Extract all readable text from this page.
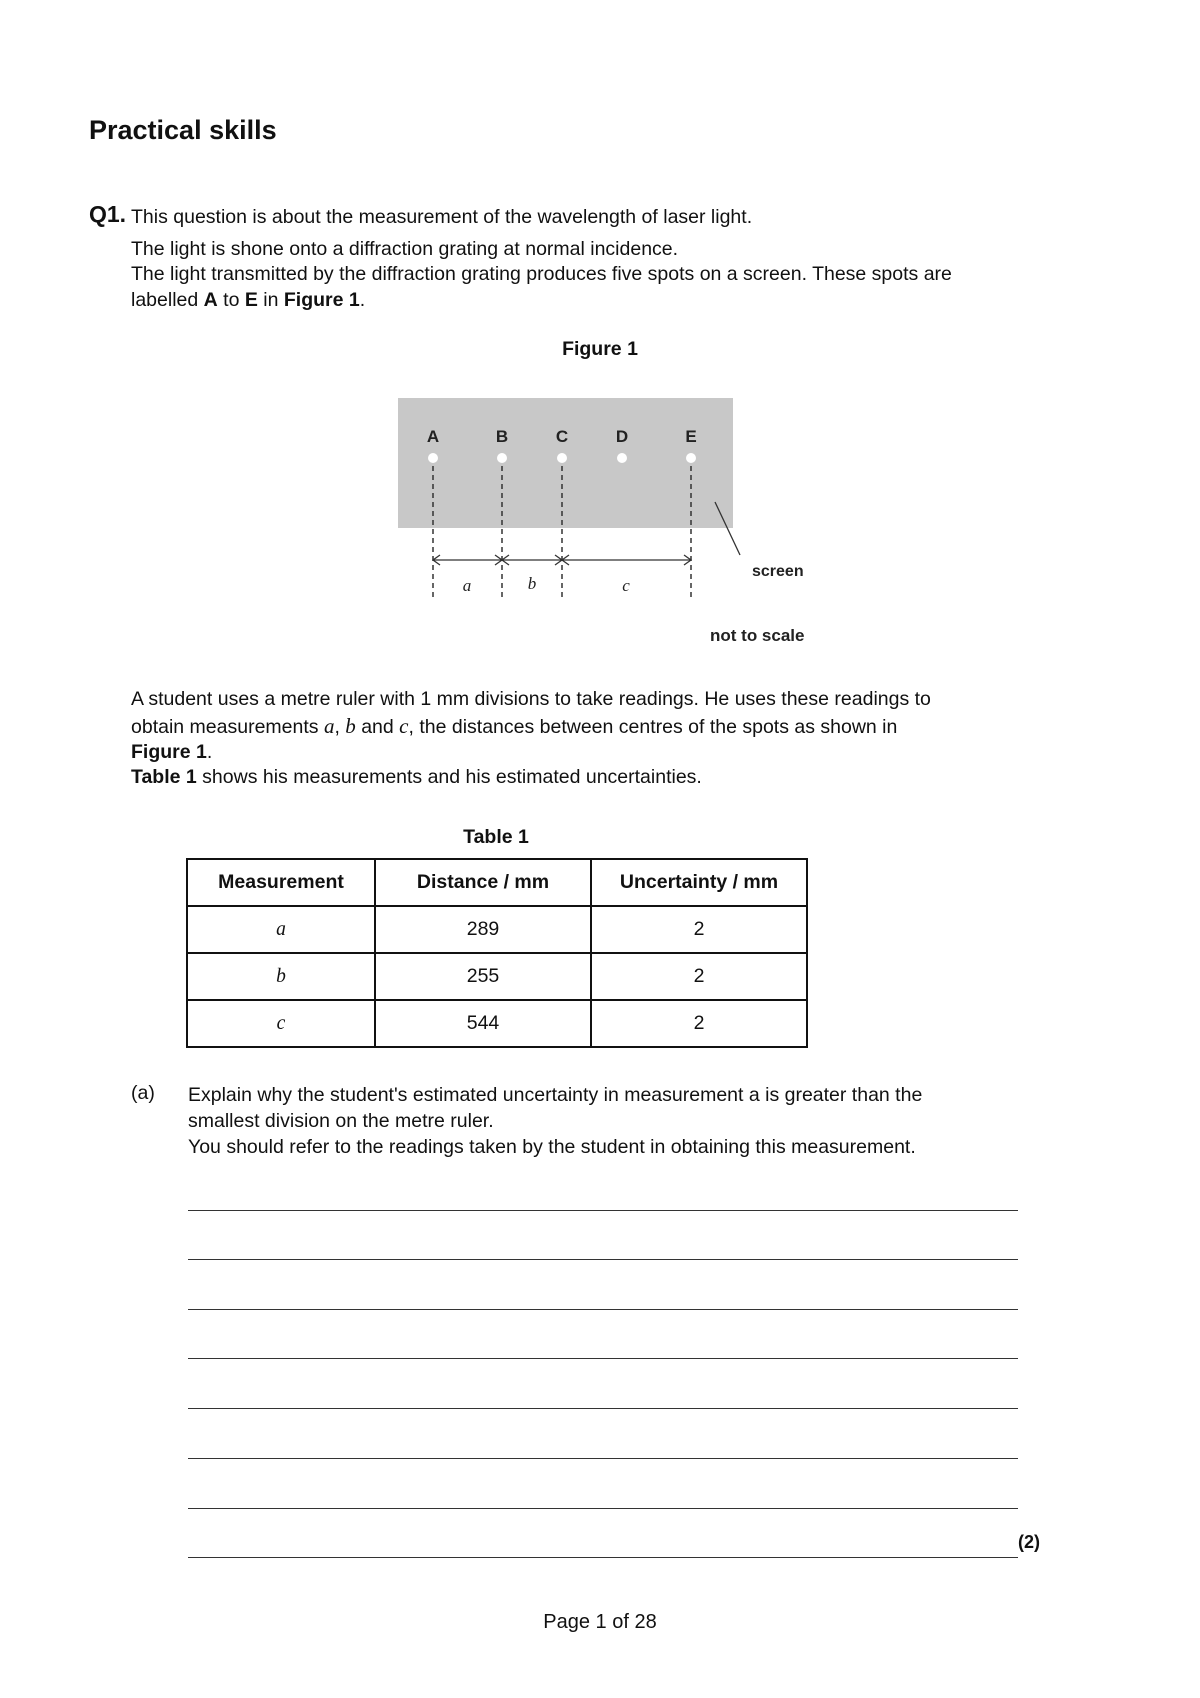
Practical skills
Q1. This question is about the measurement of the wavelength of laser light.
The light is shone onto a diffraction grating at normal incidence.
The light transmitted by the diffraction grating produces five spots on a screen. These spots are
labelled A to E in Figure 1.
Figure 1
A	B	C	D	E
a	b	c
screen
not to scale
A student uses a metre ruler with 1 mm divisions to take readings. He uses these readings to
obtain measurements a, b and c, the distances between centres of the spots as shown in
Figure 1.
Table 1 shows his measurements and his estimated uncertainties.
Table 1
Measurement	Distance / mm	Uncertainty / mm
a	289	2
b	255	2
c	544	2
(a) Explain why the student's estimated uncertainty in measurement a is greater than the
smallest division on the metre ruler.
You should refer to the readings taken by the student in obtaining this measurement.
(2)
Page 1 of 28
